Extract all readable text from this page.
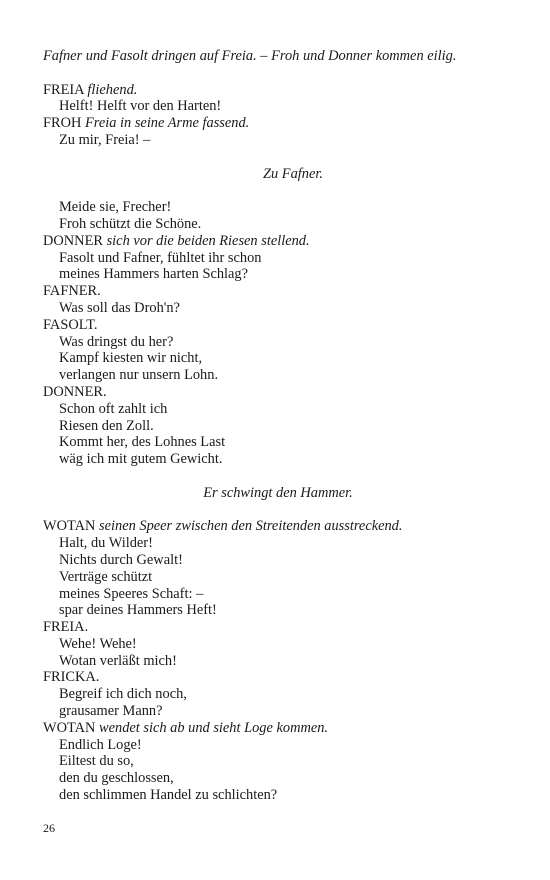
Fafner und Fasolt dringen auf Freia. – Froh und Donner kommen eilig.
FREIA fliehend.
Helft! Helft vor den Harten!
FROH Freia in seine Arme fassend.
Zu mir, Freia! –
Zu Fafner.
Meide sie, Frecher!
Froh schützt die Schöne.
DONNER sich vor die beiden Riesen stellend.
Fasolt und Fafner, fühltet ihr schon
meines Hammers harten Schlag?
FAFNER.
Was soll das Droh'n?
FASOLT.
Was dringst du her?
Kampf kiesten wir nicht,
verlangen nur unsern Lohn.
DONNER.
Schon oft zahlt ich
Riesen den Zoll.
Kommt her, des Lohnes Last
wäg ich mit gutem Gewicht.
Er schwingt den Hammer.
WOTAN seinen Speer zwischen den Streitenden ausstreckend.
Halt, du Wilder!
Nichts durch Gewalt!
Verträge schützt
meines Speeres Schaft: –
spar deines Hammers Heft!
FREIA.
Wehe! Wehe!
Wotan verläßt mich!
FRICKA.
Begreif ich dich noch,
grausamer Mann?
WOTAN wendet sich ab und sieht Loge kommen.
Endlich Loge!
Eiltest du so,
den du geschlossen,
den schlimmen Handel zu schlichten?
26
